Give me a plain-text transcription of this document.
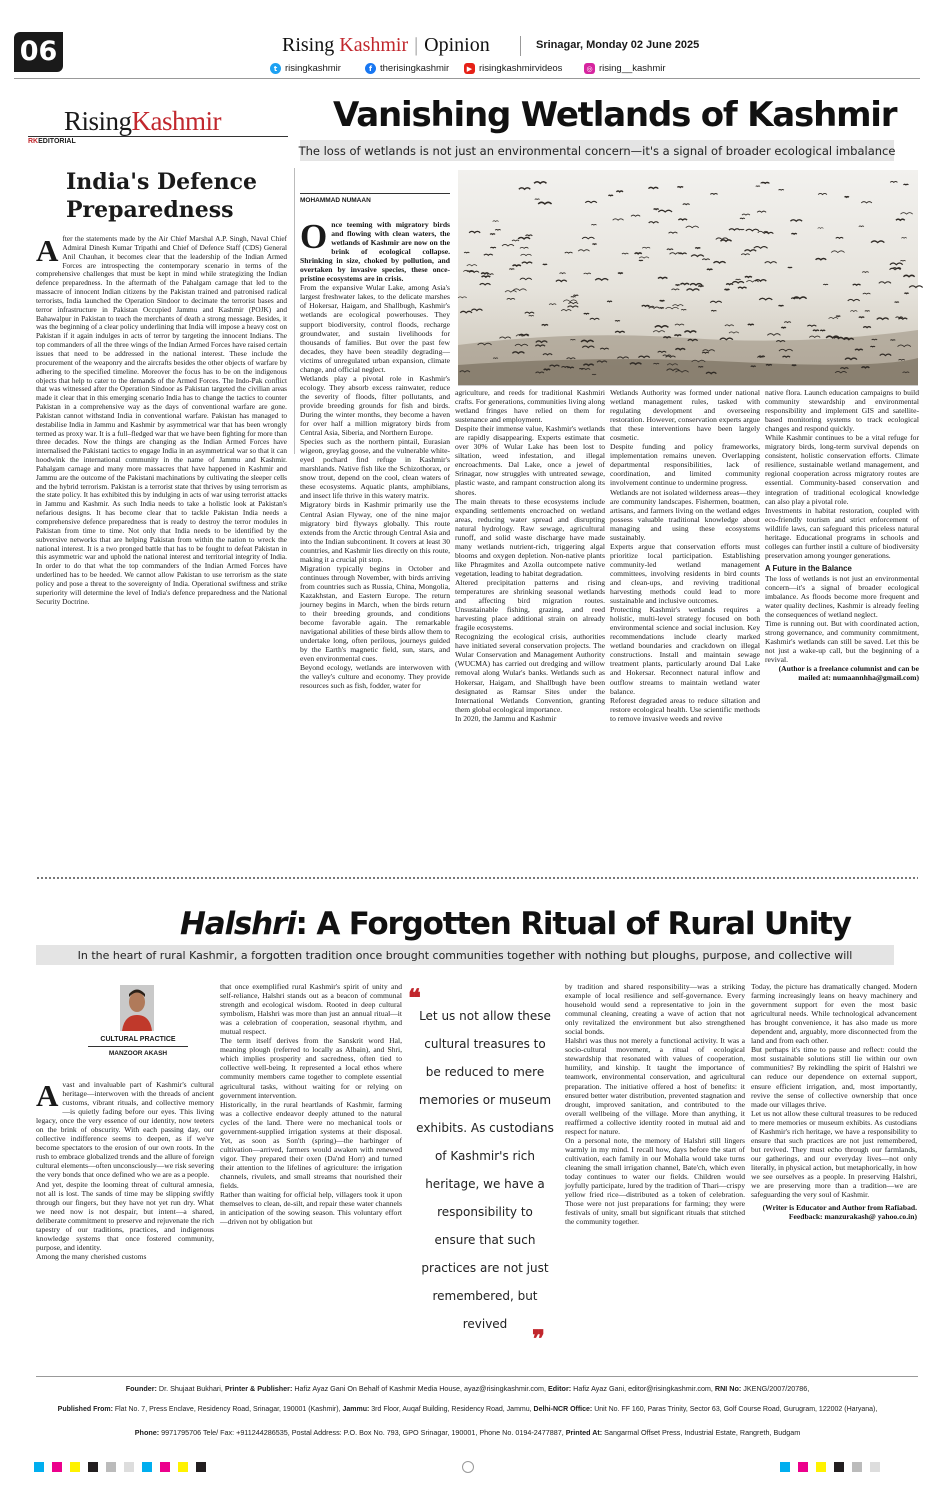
06	Rising Kashmir | Opinion	Srinagar, Monday 02 June 2025
t risingkashmir	f therisingkashmir	▶ risingkashmirvideos	◎ rising__kashmir
RisingKashmir
RKEDITORIAL
India's Defence Preparedness
After the statements made by the Air Chief Marshal A.P. Singh, Naval Chief Admiral Dinesh Kumar Tripathi and Chief of Defence Staff (CDS) General Anil Chauhan, it becomes clear that the leadership of the Indian Armed Forces are introspecting the contemporary scenario in terms of the comprehensive challenges that must be kept in mind while strategizing the Indian defence preparedness. In the aftermath of the Pahalgam carnage that led to the massacre of innocent Indian citizens by the Pakistan trained and patronised radical terrorists, India launched the Operation Sindoor to decimate the terrorist bases and terror infrastructure in Pakistan Occupied Jammu and Kashmir (POJK) and Bahawalpur in Pakistan to teach the merchants of death a strong message. Besides, it was the beginning of a clear policy underlining that India will impose a heavy cost on Pakistan if it again indulges in acts of terror by targeting the innocent Indians. The top commanders of all the three wings of the Indian Armed Forces have raised certain issues that need to be addressed in the national interest. These include the procurement of the weaponry and the aircrafts besides the other objects of warfare by adhering to the specified timeline. Moreover the focus has to be on the indigenous objects that help to cater to the demands of the Armed Forces. The Indo-Pak conflict that was witnessed after the Operation Sindoor as Pakistan targeted the civilian areas made it clear that in this emerging scenario India has to change the tactics to counter Pakistan in a comprehensive way as the days of conventional warfare are gone. Pakistan cannot withstand India in conventional warfare. Pakistan has managed to destabilise India in Jammu and Kashmir by asymmetrical war that has been wrongly termed as proxy war. It is a full–fledged war that we have been fighting for more than three decades. Now the things are changing as the Indian Armed Forces have internalised the Pakistani tactics to engage India in an asymmetrical war so that it can hoodwink the international community in the name of Jammu and Kashmir. Pahalgam carnage and many more massacres that have happened in Kashmir and Jammu are the outcome of the Pakistani machinations by cultivating the sleeper cells and the hybrid terrorism. Pakistan is a terrorist state that thrives by using terrorism as the state policy. It has exhibited this by indulging in acts of war using terrorist attacks in Jammu and Kashmir. As such India needs to take a holistic look at Pakistan's nefarious designs. It has become clear that to tackle Pakistan India needs a comprehensive defence preparedness that is ready to destroy the terror modules in Pakistan from time to time. Not only that India needs to be identified by the subversive networks that are helping Pakistan from within the nation to wreck the national interest. It is a two pronged battle that has to be fought to defeat Pakistan in this asymmetric war and uphold the national interest and territorial integrity of India. In order to do that what the top commanders of the Indian Armed Forces have underlined has to be heeded. We cannot allow Pakistan to use terrorism as the state policy and pose a threat to the sovereignty of India. Operational swiftness and strike superiority will determine the level of India's defence preparedness and the National Security Doctrine.
Vanishing Wetlands of Kashmir
The loss of wetlands is not just an environmental concern—it's a signal of broader ecological imbalance
MOHAMMAD NUMAAN
O nce teeming with migratory birds and flowing with clean waters, the wetlands of Kashmir are now on the brink of ecological collapse. Shrinking in size, choked by pollution, and overtaken by invasive species, these once-pristine ecosystems are in crisis.

From the expansive Wular Lake, among Asia's largest freshwater lakes, to the delicate marshes of Hokersar, Haigam, and Shallbugh, Kashmir's wetlands are ecological powerhouses. They support biodiversity, control floods, recharge groundwater, and sustain livelihoods for thousands of families. But over the past few decades, they have been steadily degrading—victims of unregulated urban expansion, climate change, and official neglect.

Wetlands play a pivotal role in Kashmir's ecology. They absorb excess rainwater, reduce the severity of floods, filter pollutants, and provide breeding grounds for fish and birds. During the winter months, they become a haven for over half a million migratory birds from Central Asia, Siberia, and Northern Europe.

Species such as the northern pintail, Eurasian wigeon, greylag goose, and the vulnerable white-eyed pochard find refuge in Kashmir's marshlands. Native fish like the Schizothorax, or snow trout, depend on the cool, clean waters of these ecosystems. Aquatic plants, amphibians, and insect life thrive in this watery matrix.

Migratory birds in Kashmir primarily use the Central Asian Flyway, one of the nine major migratory bird flyways globally. This route extends from the Arctic through Central Asia and into the Indian subcontinent. It covers at least 30 countries, and Kashmir lies directly on this route, making it a crucial pit stop.

Migration typically begins in October and continues through November, with birds arriving from countries such as Russia, China, Mongolia, Kazakhstan, and Eastern Europe. The return journey begins in March, when the birds return to their breeding grounds, and conditions become favorable again. The remarkable navigational abilities of these birds allow them to undertake long, often perilous, journeys guided by the Earth's magnetic field, sun, stars, and even environmental cues.

Beyond ecology, wetlands are interwoven with the valley's culture and economy. They provide resources such as fish, fodder, water for

agriculture, and reeds for traditional Kashmiri crafts. For generations, communities living along wetland fringes have relied on them for sustenance and employment.

Despite their immense value, Kashmir's wetlands are rapidly disappearing. Experts estimate that over 30% of Wular Lake has been lost to siltation, weed infestation, and illegal encroachments. Dal Lake, once a jewel of Srinagar, now struggles with untreated sewage, plastic waste, and rampant construction along its shores.

The main threats to these ecosystems include expanding settlements encroached on wetland areas, reducing water spread and disrupting natural hydrology. Raw sewage, agricultural runoff, and solid waste discharge have made many wetlands nutrient-rich, triggering algal blooms and oxygen depletion. Non-native plants like Phragmites and Azolla outcompete native vegetation, leading to habitat degradation.

Altered precipitation patterns and rising temperatures are shrinking seasonal wetlands and affecting bird migration routes. Unsustainable fishing, grazing, and reed harvesting place additional strain on already fragile ecosystems.

Recognizing the ecological crisis, authorities have initiated several conservation projects. The Wular Conservation and Management Authority (WUCMA) has carried out dredging and willow removal along Wular's banks. Wetlands such as Hokersar, Haigam, and Shallbugh have been designated as Ramsar Sites under the International Wetlands Convention, granting them global ecological importance.

In 2020, the Jammu and Kashmir

Wetlands Authority was formed under national wetland management rules, tasked with regulating development and overseeing restoration. However, conservation experts argue that these interventions have been largely cosmetic.

Despite funding and policy frameworks, implementation remains uneven. Overlapping departmental responsibilities, lack of coordination, and limited community involvement continue to undermine progress.

Wetlands are not isolated wilderness areas—they are community landscapes. Fishermen, boatmen, artisans, and farmers living on the wetland edges possess valuable traditional knowledge about managing and using these ecosystems sustainably.

Experts argue that conservation efforts must prioritize local participation. Establishing community-led wetland management committees, involving residents in bird counts and clean-ups, and reviving traditional harvesting methods could lead to more sustainable and inclusive outcomes.

Protecting Kashmir's wetlands requires a holistic, multi-level strategy focused on both environmental science and social inclusion. Key recommendations include clearly marked wetland boundaries and crackdown on illegal constructions. Install and maintain sewage treatment plants, particularly around Dal Lake and Hokersar. Reconnect natural inflow and outflow streams to maintain wetland water balance.

Reforest degraded areas to reduce siltation and restore ecological health. Use scientific methods to remove invasive weeds and revive

native flora. Launch education campaigns to build community stewardship and environmental responsibility and implement GIS and satellite-based monitoring systems to track ecological changes and respond quickly.

While Kashmir continues to be a vital refuge for migratory birds, long-term survival depends on consistent, holistic conservation efforts. Climate resilience, sustainable wetland management, and regional cooperation across migratory routes are essential. Community-based conservation and integration of traditional ecological knowledge can also play a pivotal role.

Investments in habitat restoration, coupled with eco-friendly tourism and strict enforcement of wildlife laws, can safeguard this priceless natural heritage. Educational programs in schools and colleges can further instil a culture of biodiversity preservation among younger generations.

A Future in the Balance

The loss of wetlands is not just an environmental concern—it's a signal of broader ecological imbalance. As floods become more frequent and water quality declines, Kashmir is already feeling the consequences of wetland neglect.

Time is running out. But with coordinated action, strong governance, and community commitment, Kashmir's wetlands can still be saved. Let this be not just a wake-up call, but the beginning of a revival.

(Author is a freelance columnist and can be mailed at: numaannhha@gmail.com)

Halshri: A Forgotten Ritual of Rural Unity
In the heart of rural Kashmir, a forgotten tradition once brought communities together with nothing but ploughs, purpose, and collective will
CULTURAL PRACTICE
MANZOOR AKASH
A vast and invaluable part of Kashmir's cultural heritage—interwoven with the threads of ancient customs, vibrant rituals, and collective memory—is quietly fading before our eyes. This living legacy, once the very essence of our identity, now teeters on the brink of obscurity. With each passing day, our collective indifference seems to deepen, as if we've become spectators to the erosion of our own roots. In the rush to embrace globalized trends and the allure of foreign cultural elements—often unconsciously—we risk severing the very bonds that once defined who we are as a people.

And yet, despite the looming threat of cultural amnesia, not all is lost. The sands of time may be slipping swiftly through our fingers, but they have not yet run dry. What we need now is not despair, but intent—a shared, deliberate commitment to preserve and rejuvenate the rich tapestry of our traditions, practices, and indigenous knowledge systems that once fostered community, purpose, and identity.

Among the many cherished customs

that once exemplified rural Kashmir's spirit of unity and self-reliance, Halshri stands out as a beacon of communal strength and ecological wisdom. Rooted in deep cultural symbolism, Halshri was more than just an annual ritual—it was a celebration of cooperation, seasonal rhythm, and mutual respect.

The term itself derives from the Sanskrit word Hal, meaning plough (referred to locally as Albain), and Shri, which implies prosperity and sacredness, often tied to collective well-being. It represented a local ethos where community members came together to complete essential agricultural tasks, without waiting for or relying on government intervention.

Historically, in the rural heartlands of Kashmir, farming was a collective endeavor deeply attuned to the natural cycles of the land. There were no mechanical tools or government-supplied irrigation systems at their disposal. Yet, as soon as Son'th (spring)—the harbinger of cultivation—arrived, farmers would awaken with renewed vigor. They prepared their oxen (Da'nd Horr) and turned their attention to the lifelines of agriculture: the irrigation channels, rivulets, and small streams that nourished their fields.

Rather than waiting for official help, villagers took it upon themselves to clean, de-silt, and repair these water channels in anticipation of the sowing season. This voluntary effort—driven not by obligation but

❝
Let us not allow these cultural treasures to be reduced to mere memories or museum exhibits. As custodians of Kashmir's rich heritage, we have a responsibility to ensure that such practices are not just remembered, but revived	❞

by tradition and shared responsibility—was a striking example of local resilience and self-governance. Every household would send a representative to join in the communal cleaning, creating a wave of action that not only revitalized the environment but also strengthened social bonds.

Halshri was thus not merely a functional activity. It was a socio-cultural movement, a ritual of ecological stewardship that resonated with values of cooperation, humility, and kinship. It taught the importance of teamwork, environmental conservation, and agricultural preparation. The initiative offered a host of benefits: it ensured better water distribution, prevented stagnation and drought, improved sanitation, and contributed to the overall wellbeing of the village. More than anything, it reaffirmed a collective identity rooted in mutual aid and respect for nature.

On a personal note, the memory of Halshri still lingers warmly in my mind. I recall how, days before the start of cultivation, each family in our Mohalla would take turns cleaning the small irrigation channel, Bate'ch, which even today continues to water our fields. Children would joyfully participate, lured by the tradition of Thari—crispy yellow fried rice—distributed as a token of celebration. Those were not just preparations for farming; they were festivals of unity, small but significant rituals that stitched the community together.

Today, the picture has dramatically changed. Modern farming increasingly leans on heavy machinery and government support for even the most basic agricultural needs. While technological advancement has brought convenience, it has also made us more dependent and, arguably, more disconnected from the land and from each other.

But perhaps it's time to pause and reflect: could the most sustainable solutions still lie within our own communities? By rekindling the spirit of Halshri we can reduce our dependence on external support, ensure efficient irrigation, and, most importantly, revive the sense of collective ownership that once made our villages thrive.

Let us not allow these cultural treasures to be reduced to mere memories or museum exhibits. As custodians of Kashmir's rich heritage, we have a responsibility to ensure that such practices are not just remembered, but revived. They must echo through our farmlands, our gatherings, and our everyday lives—not only literally, in physical action, but metaphorically, in how we see ourselves as a people. In preserving Halshri, we are preserving more than a tradition—we are safeguarding the very soul of Kashmir.

(Writer is Educator and Author from Rafiabad. Feedback: manzurakash@ yahoo.co.in)

Founder: Dr. Shujaat Bukhari, Printer & Publisher: Hafiz Ayaz Gani On Behalf of Kashmir Media House, ayaz@risingkashmir.com, Editor: Hafiz Ayaz Gani, editor@risingkashmir.com, RNI No: JKENG/2007/20786,
Published From: Flat No. 7, Press Enclave, Residency Road, Srinagar, 190001 (Kashmir), Jammu: 3rd Floor, Auqaf Building, Residency Road, Jammu, Delhi-NCR Office: Unit No. FF 160, Paras Trinity, Sector 63, Golf Course Road, Gurugram, 122002 (Haryana),
Phone: 9971795706 Tele/ Fax: +911244286535, Postal Address: P.O. Box No. 793, GPO Srinagar, 190001, Phone No. 0194-2477887, Printed At: Sangarmal Offset Press, Industrial Estate, Rangreth, Budgam
